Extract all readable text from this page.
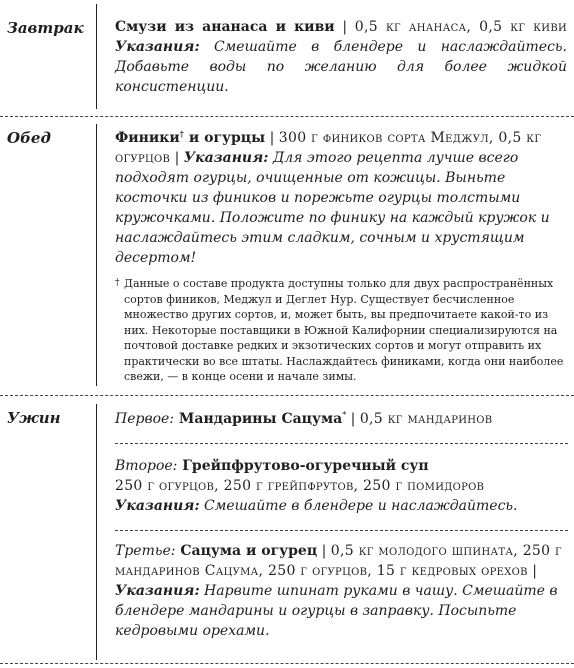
Завтрак Смузи из ананаса и киви | 0,5 кг ананаса, 0,5 кг киви Указания: Смешайте в блендере и наслаждайтесь. Добавьте воды по желанию для более жидкой консистенции.
Обед	Финики† и огурцы | 300 г фиников сорта Меджул, 0,5 кг огурцов | Указания: Для этого рецепта лучше всего подходят огурцы, очищенные от кожицы. Выньте косточки из фиников и порежьте огурцы толстыми кружочками. Положите по финику на каждый кружок и наслаждайтесь этим сладким, сочным и хрустящим десертом!
† Данные о составе продукта доступны только для двух распространённых сортов фиников, Меджул и Деглет Нур. Существует бесчисленное множество других сортов, и, может быть, вы предпочитаете какой-то из них. Некоторые поставщики в Южной Калифорнии специализируются на почтовой доставке редких и экзотических сортов и могут отправить их практически во все штаты. Наслаждайтесь финиками, когда они наиболее свежи, — в конце осени и начале зимы.
Ужин	Первое: Мандарины Сацума* | 0,5 кг мандаринов
Второе: Грейпфрутово-огуречный суп
250 г огурцов, 250 г грейпфрутов, 250 г помидоров
Указания: Смешайте в блендере и наслаждайтесь.
Третье: Сацума и огурец | 0,5 кг молодого шпината, 250 г мандаринов Сацума, 250 г огурцов, 15 г кедровых орехов | Указания: Нарвите шпинат руками в чашу. Смешайте в блендере мандарины и огурцы в заправку. Посыпьте кедровыми орехами.
